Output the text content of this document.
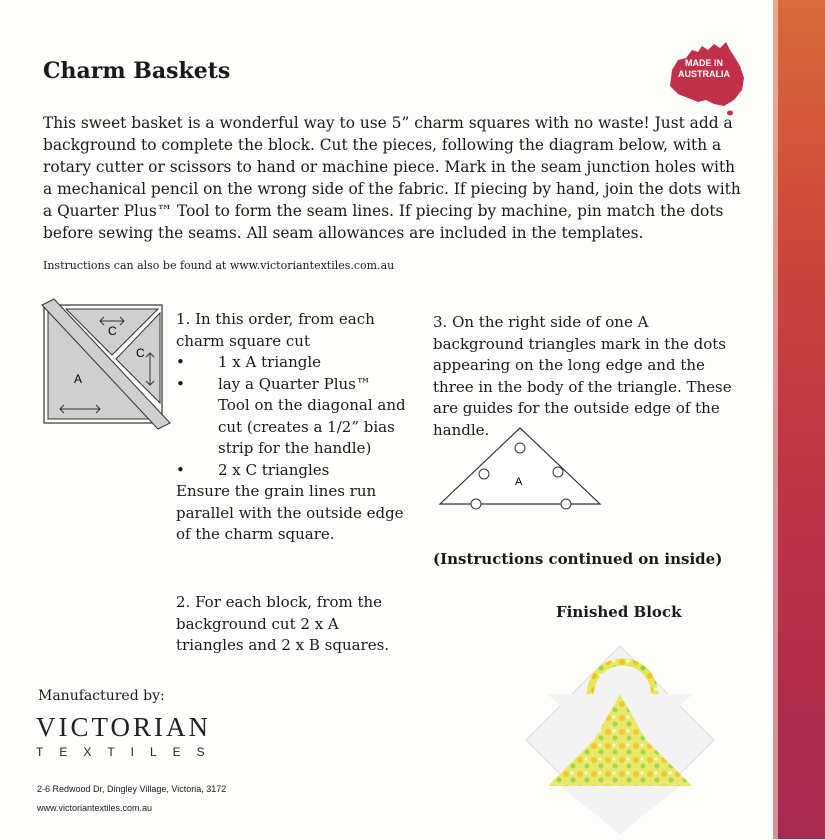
Charm Baskets	MADE IN
AUSTRALIA

This sweet basket is a wonderful way to use 5” charm squares with no waste! Just add a background to complete the block. Cut the pieces, following the diagram below, with a rotary cutter or scissors to hand or machine piece. Mark in the seam junction holes with a mechanical pencil on the wrong side of the fabric. If piecing by hand, join the dots with a Quarter Plus™ Tool to form the seam lines. If piecing by machine, pin match the dots before sewing the seams. All seam allowances are included in the templates.

Instructions can also be found at www.victoriantextiles.com.au
C
C
A
1. In this order, from each charm square cut
•	1 x A triangle
•	lay a Quarter Plus™ Tool on the diagonal and cut (creates a 1/2” bias strip for the handle)
•	2 x C triangles
Ensure the grain lines run parallel with the outside edge of the charm square.

2. For each block, from the background cut 2 x A triangles and 2 x B squares.

3. On the right side of one A background triangles mark in the dots appearing on the long edge and the three in the body of the triangle. These are guides for the outside edge of the handle.

A
(Instructions continued on inside)
Finished Block
Manufactured by:
VICTORIAN
TEXTILES
2-6 Redwood Dr, Dingley Village, Victoria, 3172
www.victoriantextiles.com.au
